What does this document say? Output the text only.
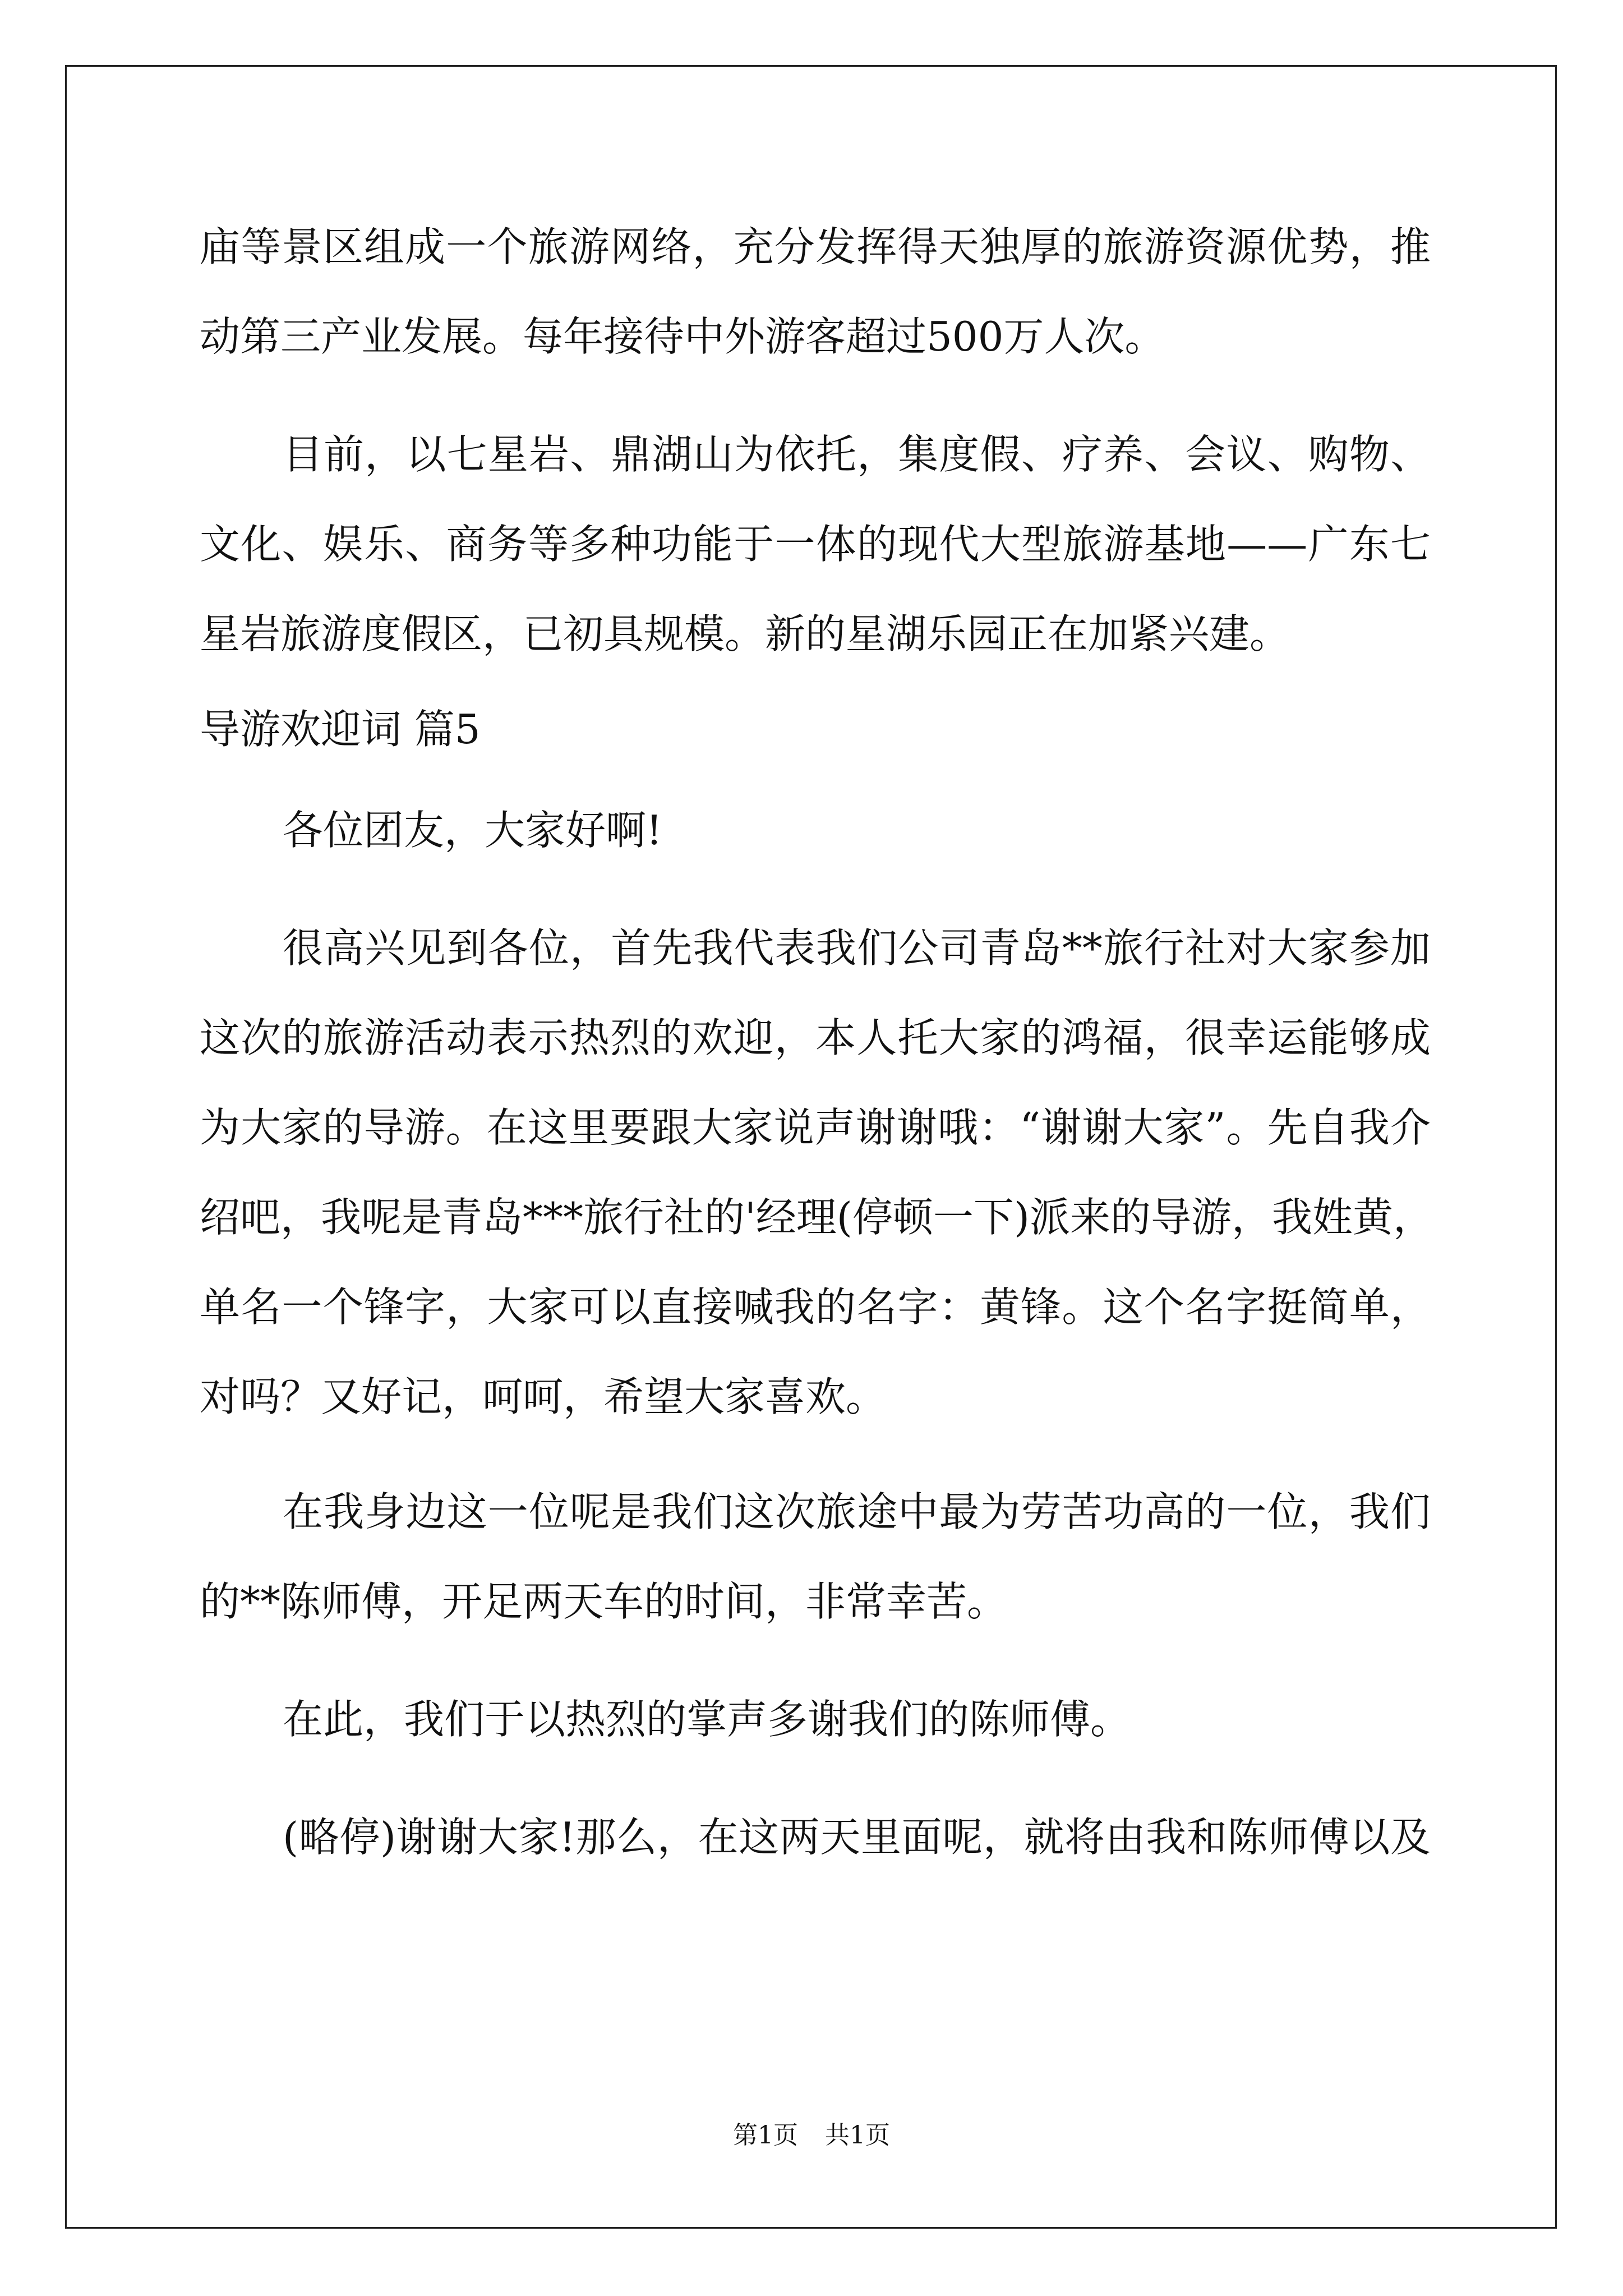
庙等景区组成一个旅游网络，充分发挥得天独厚的旅游资源优势，推
动第三产业发展。每年接待中外游客超过500万人次。
目前，以七星岩、鼎湖山为依托，集度假、疗养、会议、购物、
文化、娱乐、商务等多种功能于一体的现代大型旅游基地——广东七
星岩旅游度假区，已初具规模。新的星湖乐园正在加紧兴建。
导游欢迎词 篇5
各位团友，大家好啊!
很高兴见到各位，首先我代表我们公司青岛**旅行社对大家参加
这次的旅游活动表示热烈的欢迎，本人托大家的鸿福，很幸运能够成
为大家的导游。在这里要跟大家说声谢谢哦：“谢谢大家”。先自我介
绍吧，我呢是青岛***旅行社的'经理(停顿一下)派来的导游，我姓黄，
单名一个锋字，大家可以直接喊我的名字：黄锋。这个名字挺简单，
对吗？又好记，呵呵，希望大家喜欢。
在我身边这一位呢是我们这次旅途中最为劳苦功高的一位，我们
的**陈师傅，开足两天车的时间，非常幸苦。
在此，我们于以热烈的掌声多谢我们的陈师傅。
(略停)谢谢大家!那么，在这两天里面呢，就将由我和陈师傅以及
第1页 共1页
